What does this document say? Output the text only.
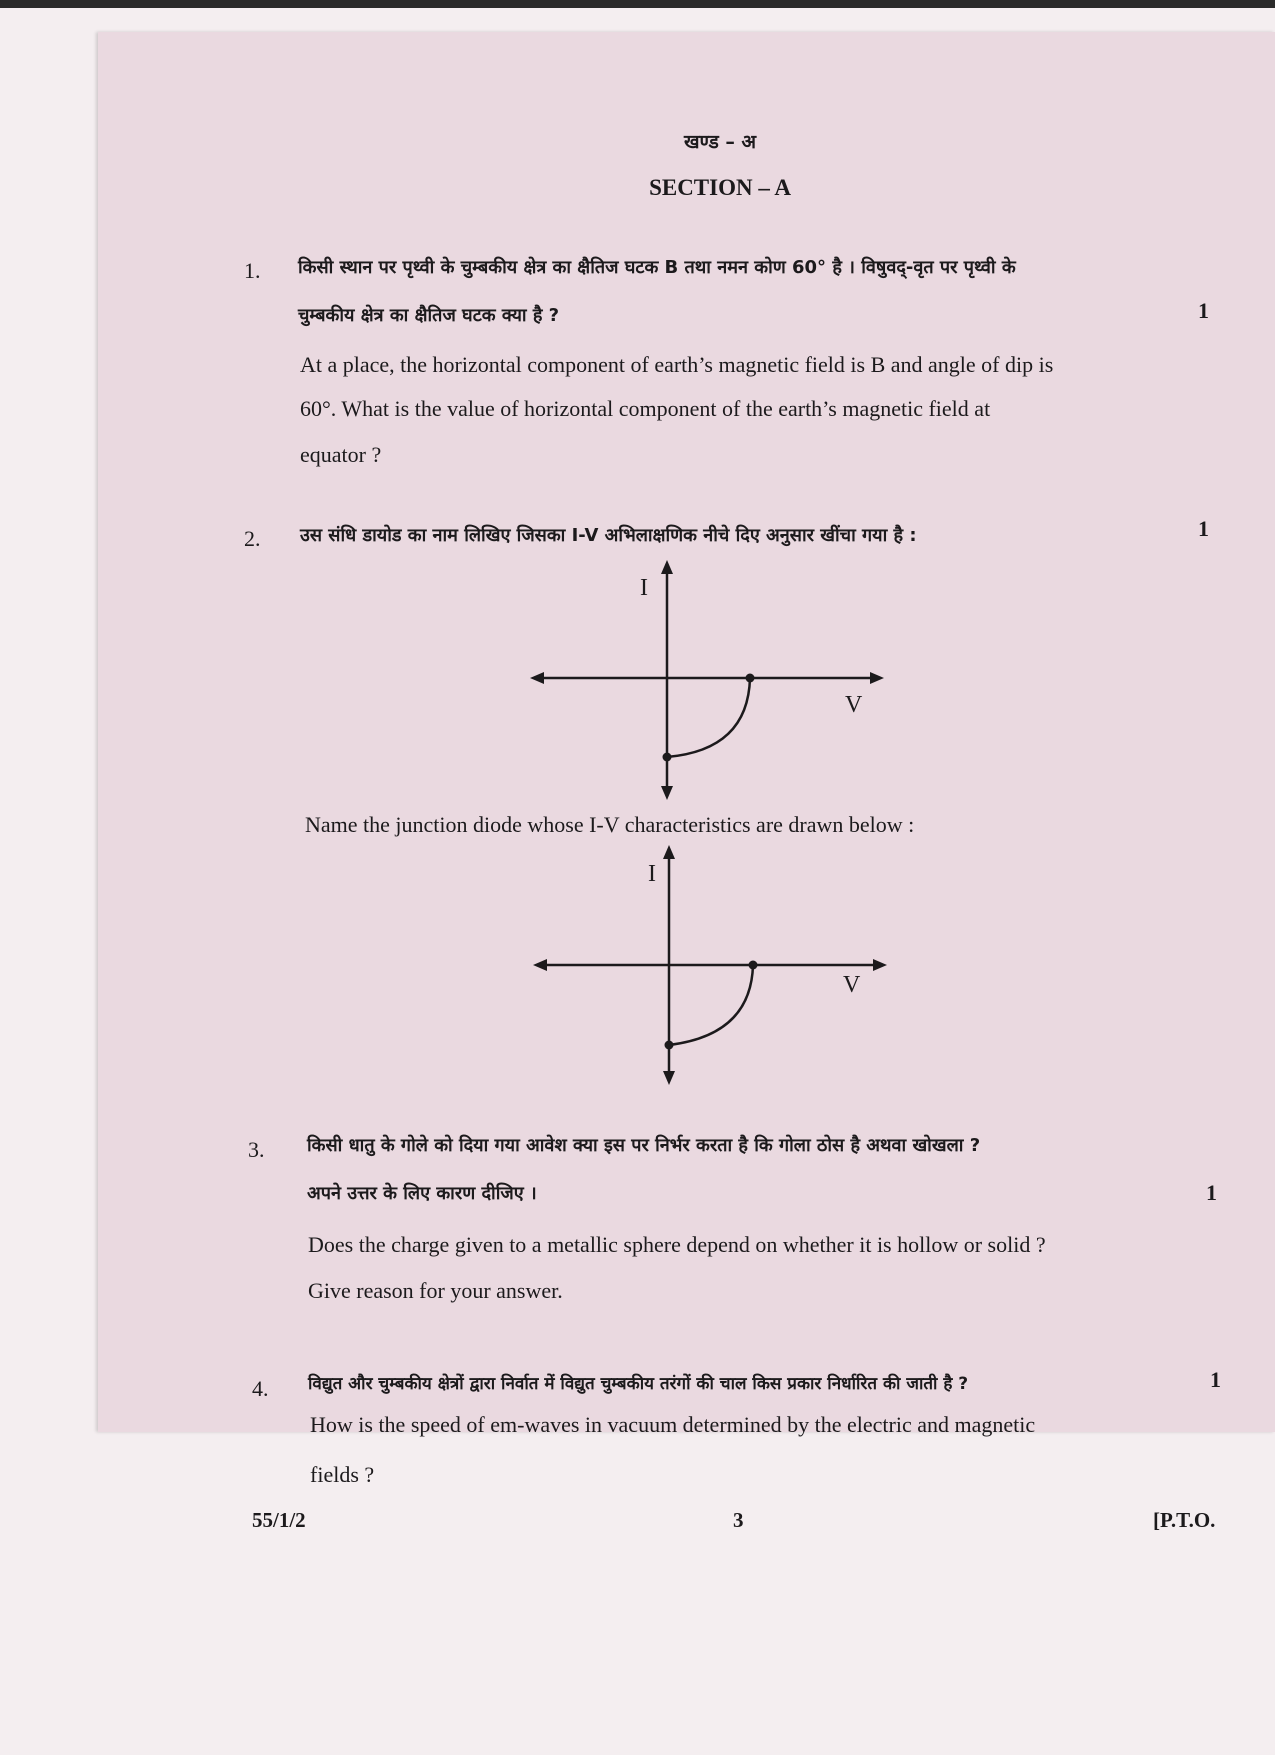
खण्ड – अ
SECTION – A
1. किसी स्थान पर पृथ्वी के चुम्बकीय क्षेत्र का क्षैतिज घटक B तथा नमन कोण 60° है । विषुवद्-वृत पर पृथ्वी के
चुम्बकीय क्षेत्र का क्षैतिज घटक क्या है ?	1
At a place, the horizontal component of earth’s magnetic field is B and angle of dip is
60°. What is the value of horizontal component of the earth’s magnetic field at
equator ?
2. उस संधि डायोड का नाम लिखिए जिसका I-V अभिलाक्षणिक नीचे दिए अनुसार खींचा गया है :	1
I
V
Name the junction diode whose I-V characteristics are drawn below :
I
V
3. किसी धातु के गोले को दिया गया आवेश क्या इस पर निर्भर करता है कि गोला ठोस है अथवा खोखला ?
अपने उत्तर के लिए कारण दीजिए ।	1
Does the charge given to a metallic sphere depend on whether it is hollow or solid ?
Give reason for your answer.
4. विद्युत और चुम्बकीय क्षेत्रों द्वारा निर्वात में विद्युत चुम्बकीय तरंगों की चाल किस प्रकार निर्धारित की जाती है ?	1
How is the speed of em-waves in vacuum determined by the electric and magnetic
fields ?
55/1/2	3	[P.T.O.
